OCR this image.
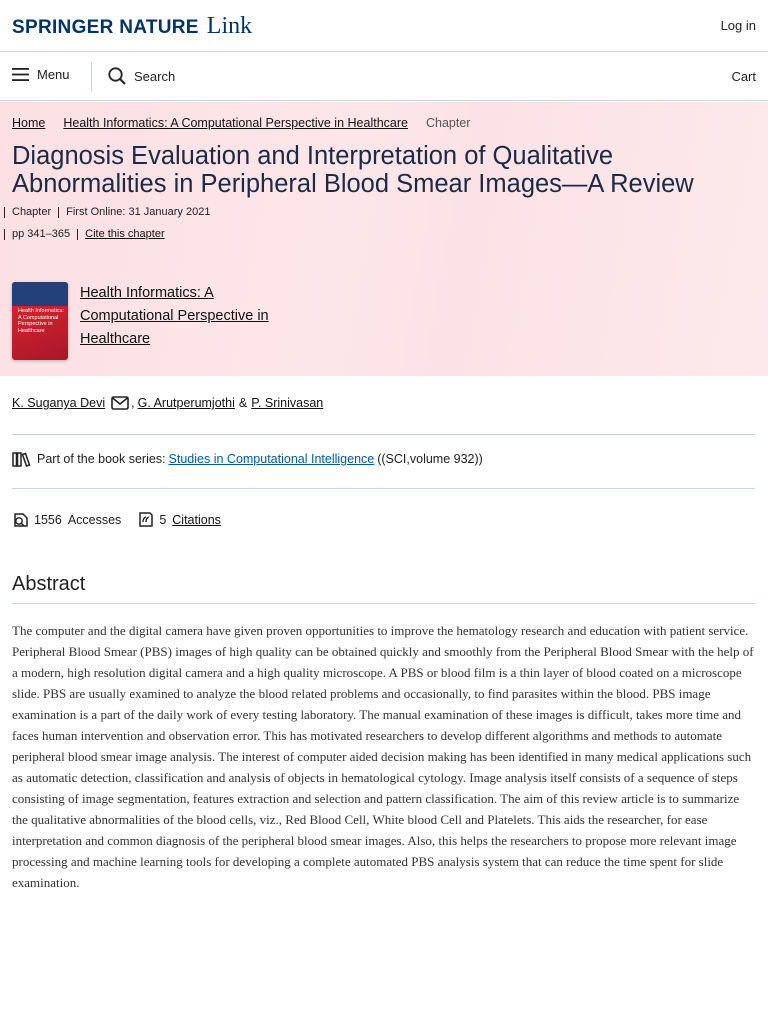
SPRINGER NATURE Link	Log in
Menu	Search	Cart
Home Health Informatics: A Computational Perspective in Healthcare Chapter
Diagnosis Evaluation and Interpretation of Qualitative Abnormalities in Peripheral Blood Smear Images—A Review
Chapter First Online: 31 January 2021
pp 341–365 Cite this chapter
Health Informatics: A Computational Perspective in Healthcare
Health Informatics: A Computational Perspective in Healthcare
K. Suganya Devi , G. Arutperumjothi & P. Srinivasan
Part of the book series: Studies in Computational Intelligence ((SCI,volume 932))
1556 Accesses	5 Citations
Abstract

The computer and the digital camera have given proven opportunities to improve the hematology research and education with patient service. Peripheral Blood Smear (PBS) images of high quality can be obtained quickly and smoothly from the Peripheral Blood Smear with the help of a modern, high resolution digital camera and a high quality microscope. A PBS or blood film is a thin layer of blood coated on a microscope slide. PBS are usually examined to analyze the blood related problems and occasionally, to find parasites within the blood. PBS image examination is a part of the daily work of every testing laboratory. The manual examination of these images is difficult, takes more time and faces human intervention and observation error. This has motivated researchers to develop different algorithms and methods to automate peripheral blood smear image analysis. The interest of computer aided decision making has been identified in many medical applications such as automatic detection, classification and analysis of objects in hematological cytology. Image analysis itself consists of a sequence of steps consisting of image segmentation, features extraction and selection and pattern classification. The aim of this review article is to summarize the qualitative abnormalities of the blood cells, viz., Red Blood Cell, White blood Cell and Platelets. This aids the researcher, for ease interpretation and common diagnosis of the peripheral blood smear images. Also, this helps the researchers to propose more relevant image processing and machine learning tools for developing a complete automated PBS analysis system that can reduce the time spent for slide examination.
